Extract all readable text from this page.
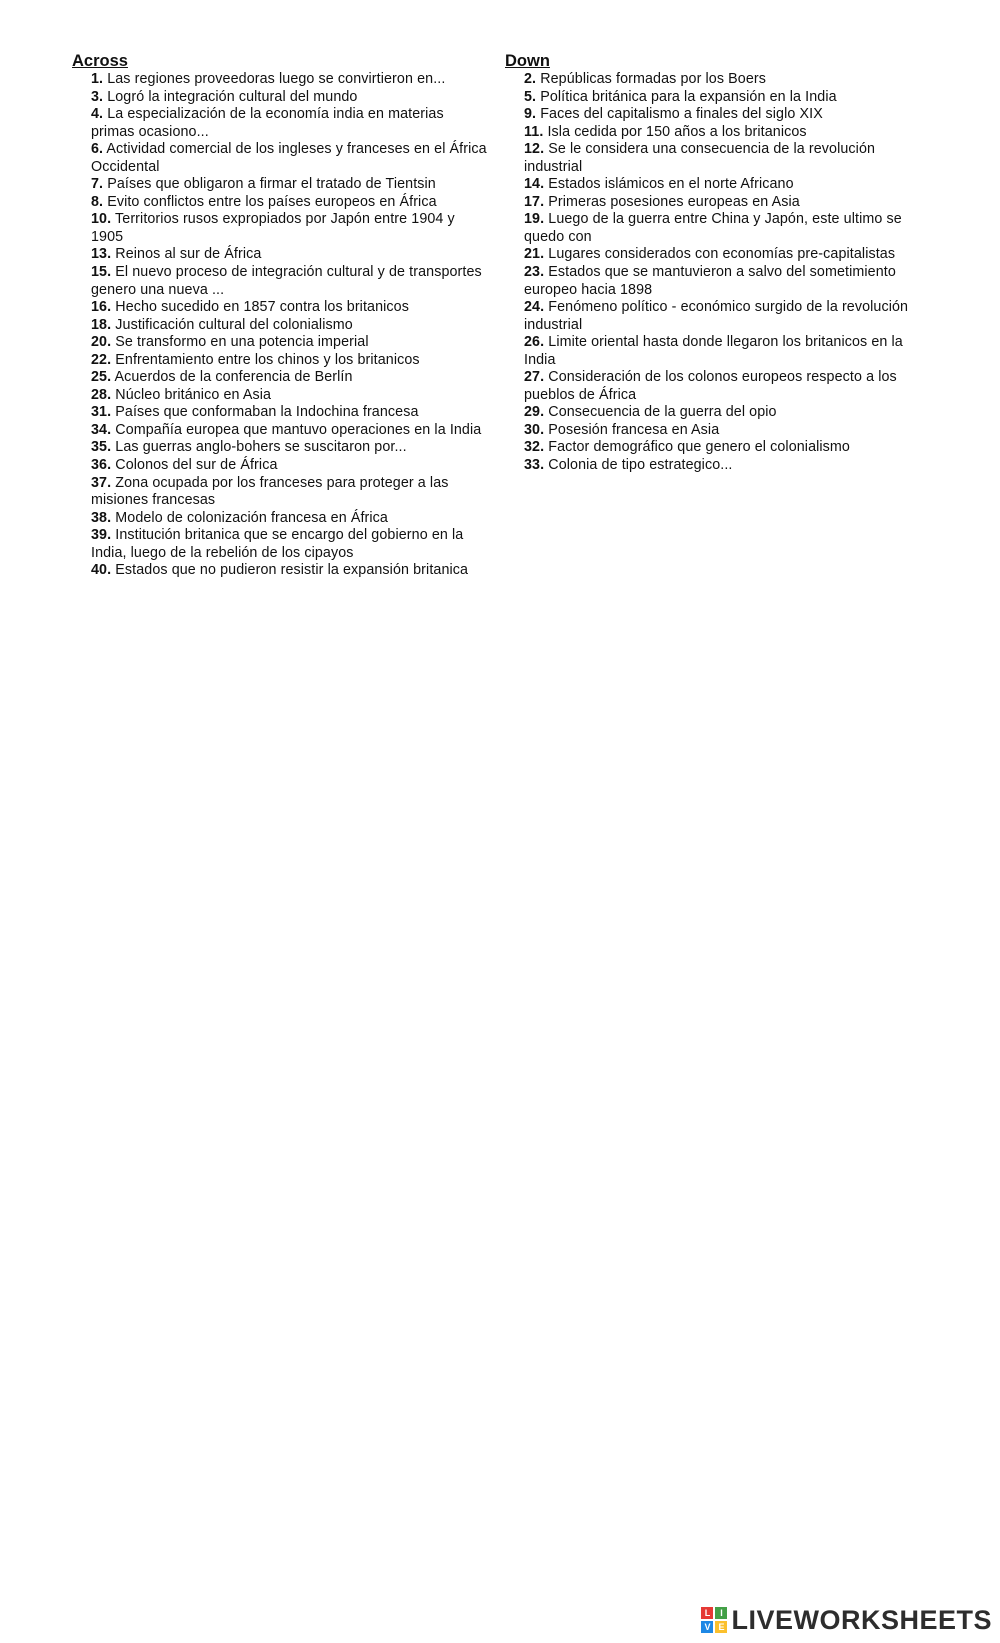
Across
1. Las regiones proveedoras luego se convirtieron en...
3. Logró la integración cultural del mundo
4. La especialización de la economía india en materias primas ocasiono...
6. Actividad comercial de los ingleses y franceses en el África Occidental
7. Países que obligaron a firmar el tratado de Tientsin
8. Evito conflictos entre los países europeos en África
10. Territorios rusos expropiados por Japón entre 1904 y 1905
13. Reinos al sur de África
15. El nuevo proceso de integración cultural y de transportes genero una nueva ...
16. Hecho sucedido en 1857 contra los britanicos
18. Justificación cultural del colonialismo
20. Se transformo en una potencia imperial
22. Enfrentamiento entre los chinos y los britanicos
25. Acuerdos de la conferencia de Berlín
28. Núcleo británico en Asia
31. Países que conformaban la Indochina francesa
34. Compañía europea que mantuvo operaciones en la India
35. Las guerras anglo-bohers se suscitaron por...
36. Colonos del sur de África
37. Zona ocupada por los franceses para proteger a las misiones francesas
38. Modelo de colonización francesa en África
39. Institución britanica que se encargo del gobierno en la India, luego de la rebelión de los cipayos
40. Estados que no pudieron resistir la expansión britanica
Down
2. Repúblicas formadas por los Boers
5. Política británica para la expansión en la India
9. Faces del capitalismo a finales del siglo XIX
11. Isla cedida por 150 años a los britanicos
12. Se le considera una consecuencia de la revolución industrial
14. Estados islámicos en el norte Africano
17. Primeras posesiones europeas en Asia
19. Luego de la guerra entre China y Japón, este ultimo se quedo con
21. Lugares considerados con economías pre-capitalistas
23. Estados que se mantuvieron a salvo del sometimiento europeo hacia 1898
24. Fenómeno político - económico surgido de la revolución industrial
26. Limite oriental hasta donde llegaron los britanicos en la India
27. Consideración de los colonos europeos respecto a los pueblos de África
29. Consecuencia de la guerra del opio
30. Posesión francesa en Asia
32. Factor demográfico que genero el colonialismo
33. Colonia de tipo estrategico...
L	I
V E LIVEWORKSHEETS
